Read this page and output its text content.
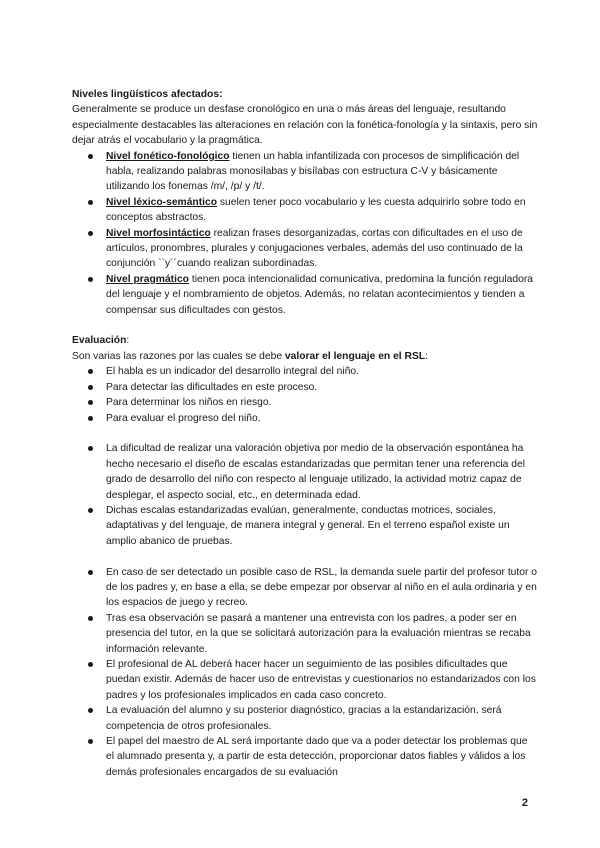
Niveles lingüísticos afectados:

Generalmente se produce un desfase cronológico en una o más áreas del lenguaje, resultando especialmente destacables las alteraciones en relación con la fonética-fonología y la sintaxis, pero sin dejar atrás el vocabulario y la pragmática.

Nivel fonético-fonológico tienen un habla infantilizada con procesos de simplificación del habla, realizando palabras monosílabas y bisílabas con estructura C-V y básicamente utilizando los fonemas /m/, /p/ y /t/.
Nivel léxico-semántico suelen tener poco vocabulario y les cuesta adquirirlo sobre todo en conceptos abstractos.
Nivel morfosintáctico realizan frases desorganizadas, cortas con dificultades en el uso de artículos, pronombres, plurales y conjugaciones verbales, además del uso continuado de la conjunción ``y´´cuando realizan subordinadas.
Nivel pragmático tienen poca intencionalidad comunicativa, predomina la función reguladora del lenguaje y el nombramiento de objetos. Además, no relatan acontecimientos y tienden a compensar sus dificultades con gestos.

Evaluación:

Son varias las razones por las cuales se debe valorar el lenguaje en el RSL:

El habla es un indicador del desarrollo integral del niño.
Para detectar las dificultades en este proceso.
Para determinar los niños en riesgo.
Para evaluar el progreso del niño.
La dificultad de realizar una valoración objetiva por medio de la observación espontánea ha hecho necesario el diseño de escalas estandarizadas que permitan tener una referencia del grado de desarrollo del niño con respecto al lenguaje utilizado, la actividad motriz capaz de desplegar, el aspecto social, etc., en determinada edad.
Dichas escalas estandarizadas evalúan, generalmente, conductas motrices, sociales, adaptativas y del lenguaje, de manera integral y general. En el terreno español existe un amplio abanico de pruebas.
En caso de ser detectado un posible caso de RSL, la demanda suele partir del profesor tutor o de los padres y, en base a ella, se debe empezar por observar al niño en el aula ordinaria y en los espacios de juego y recreo.
Tras esa observación se pasará a mantener una entrevista con los padres, a poder ser en presencia del tutor, en la que se solicitará autorización para la evaluación mientras se recaba información relevante.
El profesional de AL deberá hacer hacer un seguimiento de las posibles dificultades que puedan existir. Además de hacer uso de entrevistas y cuestionarios no estandarizados con los padres y los profesionales implicados en cada caso concreto.
La evaluación del alumno y su posterior diagnóstico, gracias a la estandarización, será competencia de otros profesionales.
El papel del maestro de AL será importante dado que va a poder detectar los problemas que el alumnado presenta y, a partir de esta detección, proporcionar datos fiables y válidos a los demás profesionales encargados de su evaluación
2
